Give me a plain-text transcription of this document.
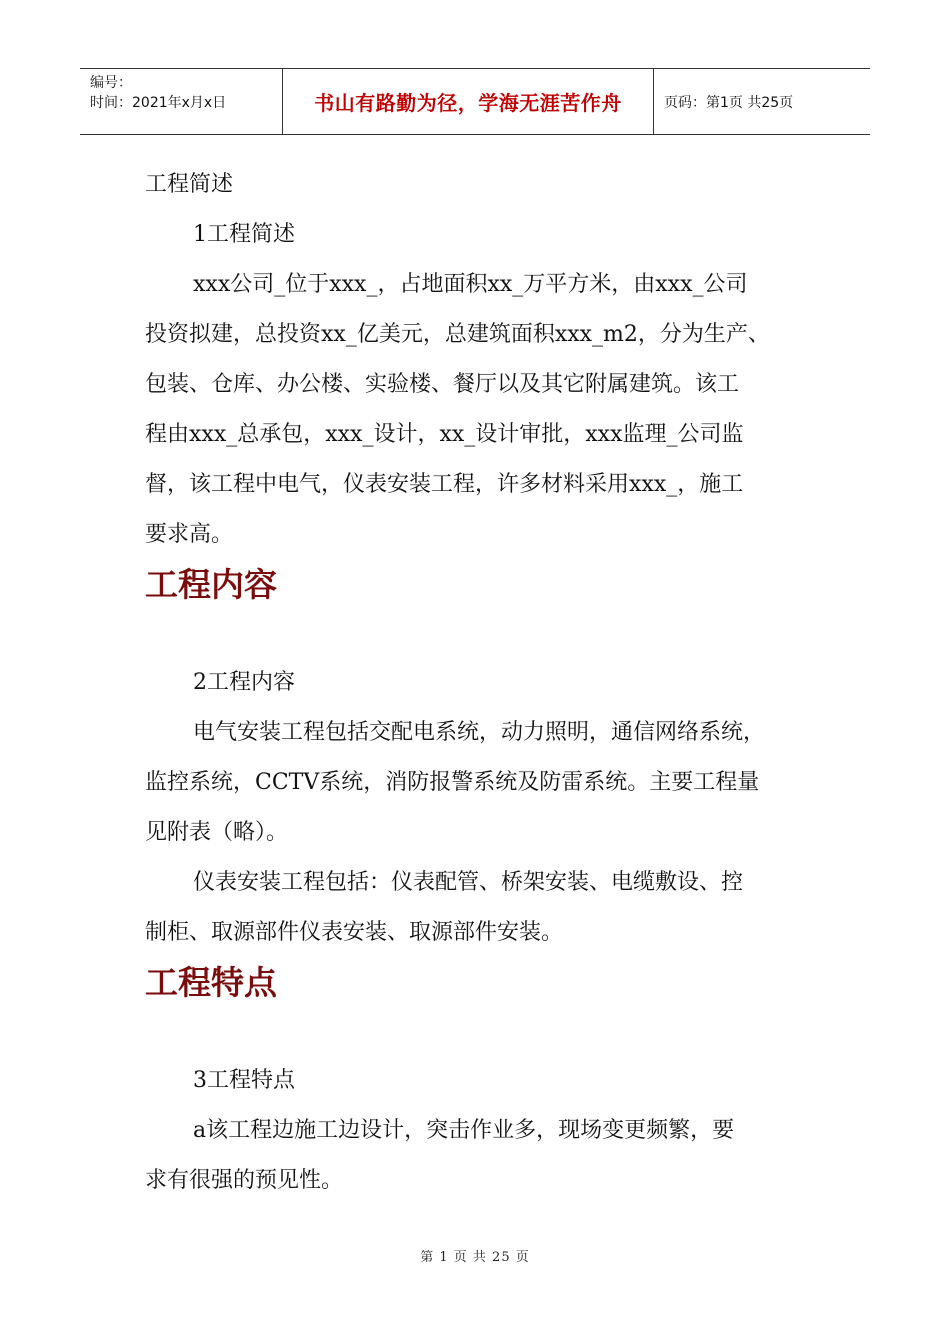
编号：
时间：2021年x月x日	书山有路勤为径，学海无涯苦作舟	页码：第1页 共25页

工程简述

1工程简述

xxx公司_位于xxx_，占地面积xx_万平方米，由xxx_公司

投资拟建，总投资xx_亿美元，总建筑面积xxx_m2，分为生产、

包装、仓库、办公楼、实验楼、餐厅以及其它附属建筑。该工

程由xxx_总承包，xxx_设计，xx_设计审批，xxx监理_公司监

督，该工程中电气，仪表安装工程，许多材料采用xxx_，施工

要求高。

工程内容

2工程内容

电气安装工程包括交配电系统，动力照明，通信网络系统，

监控系统，CCTV系统，消防报警系统及防雷系统。主要工程量

见附表（略）。

仪表安装工程包括：仪表配管、桥架安装、电缆敷设、控

制柜、取源部件仪表安装、取源部件安装。

工程特点

3工程特点

a该工程边施工边设计，突击作业多，现场变更频繁，要

求有很强的预见性。

第 1 页 共 25 页
